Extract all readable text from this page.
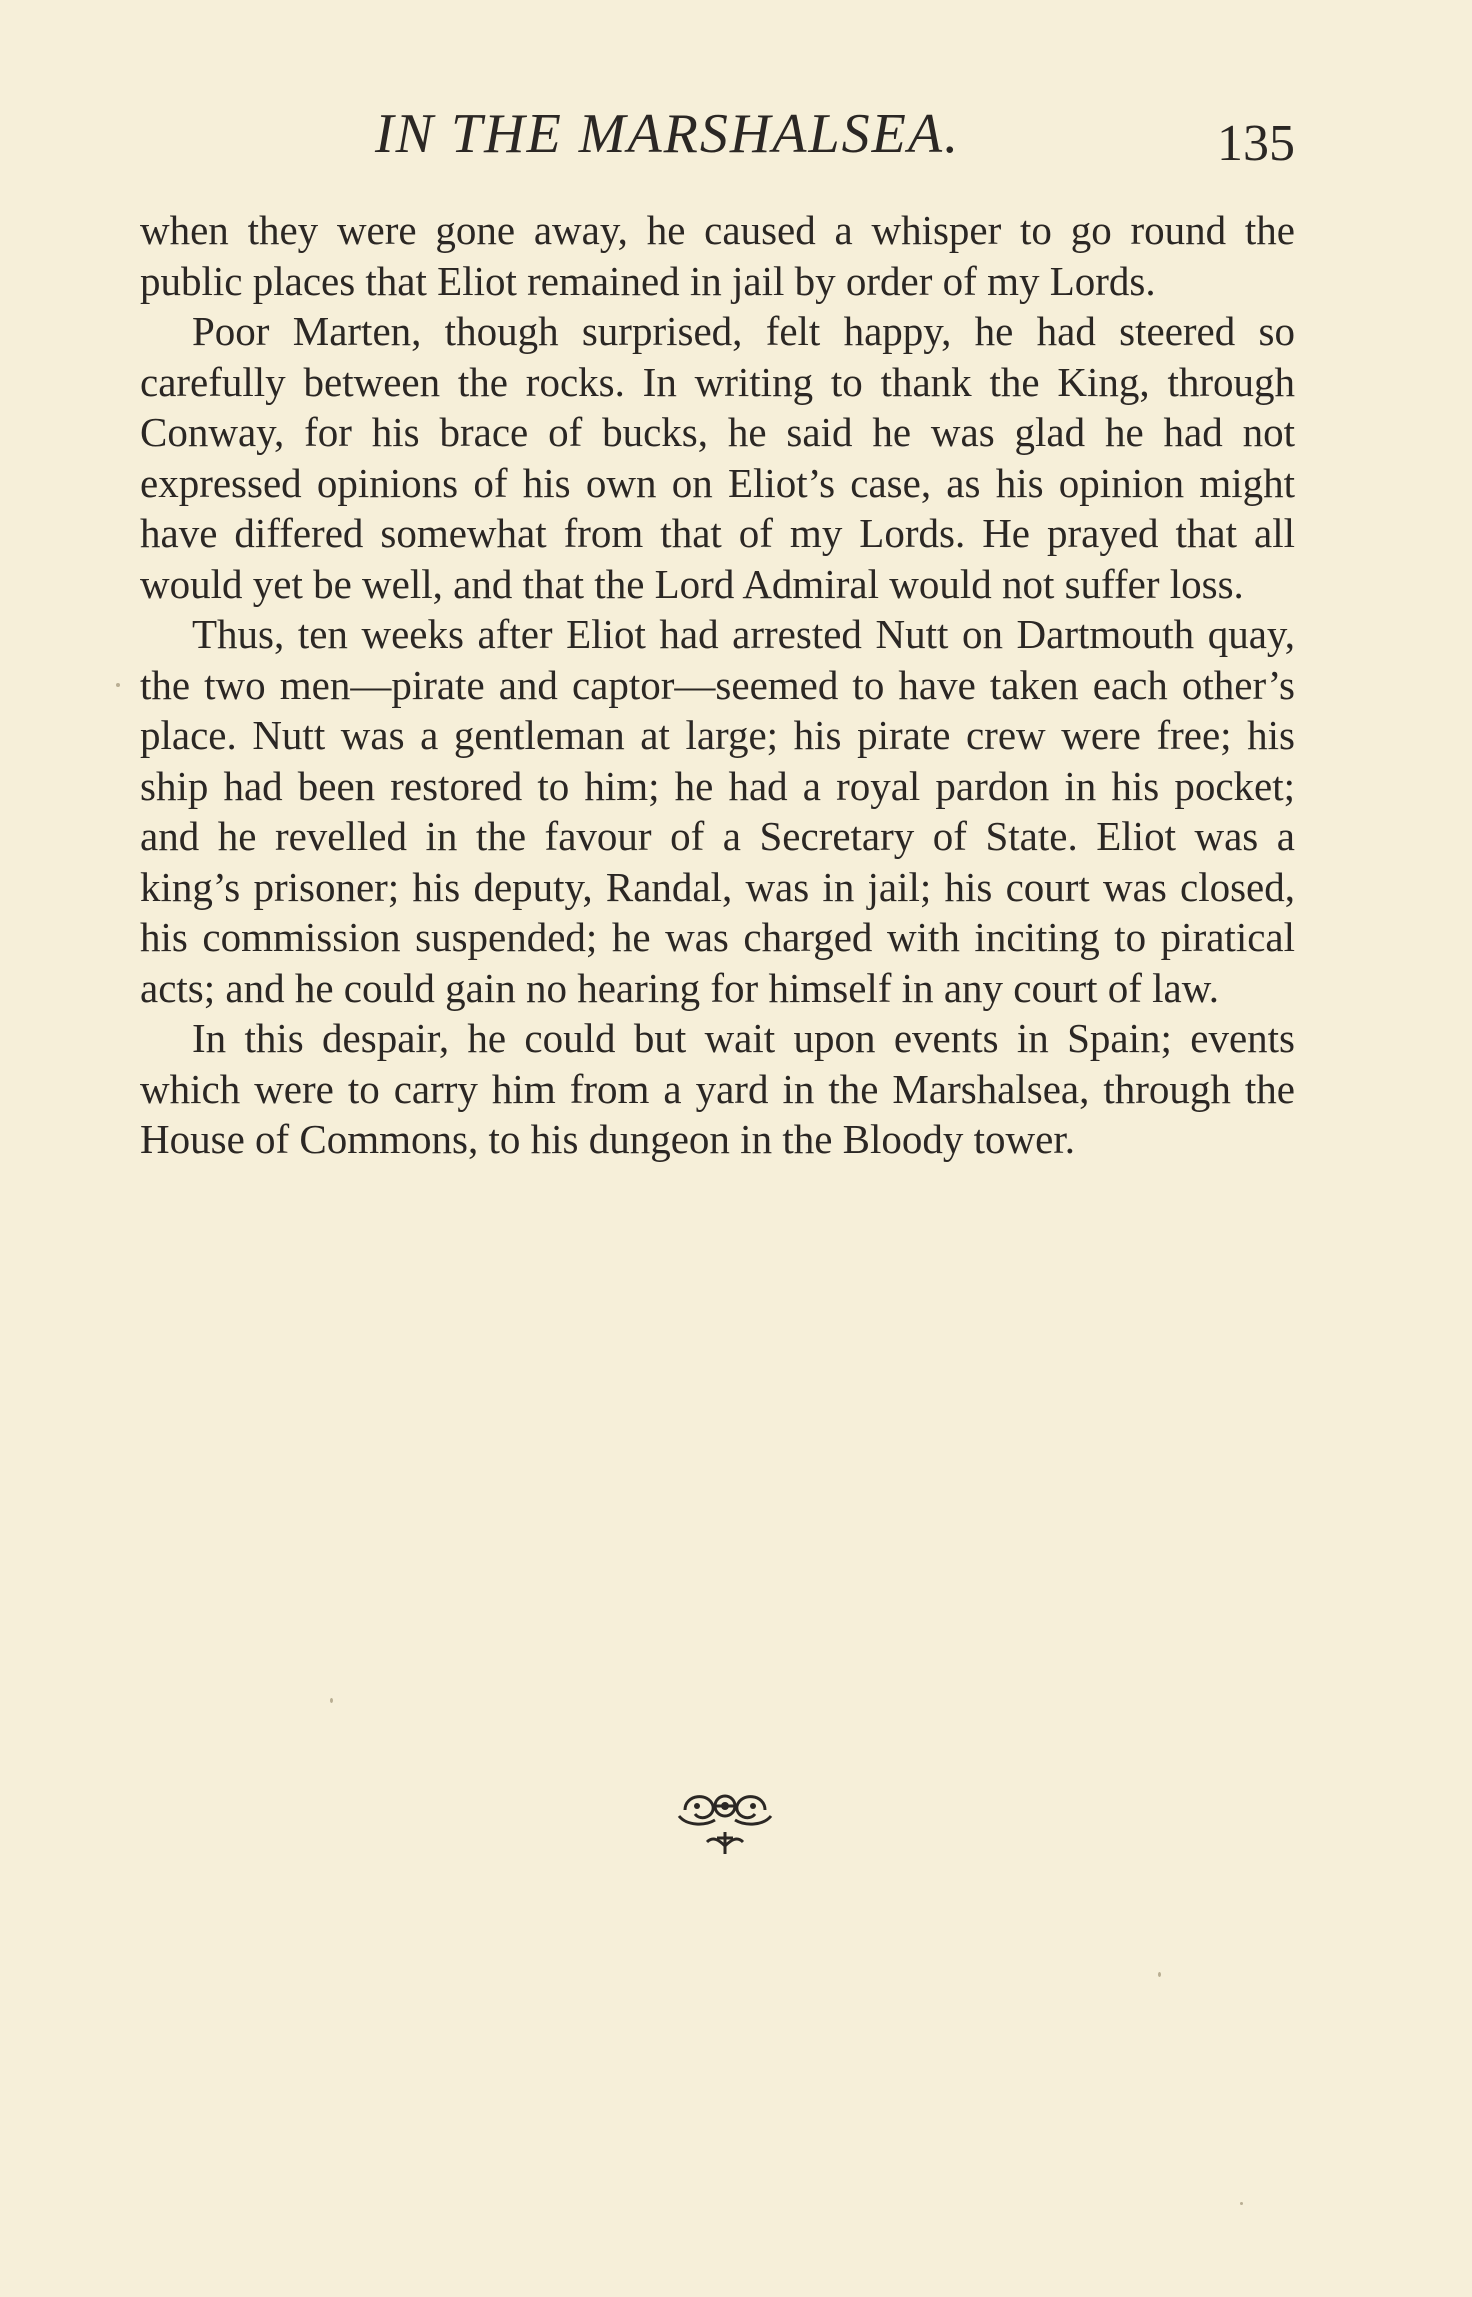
IN THE MARSHALSEA.	135

when they were gone away, he caused a whisper to go round the public places that Eliot remained in jail by order of my Lords.

Poor Marten, though surprised, felt happy, he had steered so carefully between the rocks. In writing to thank the King, through Conway, for his brace of bucks, he said he was glad he had not expressed opinions of his own on Eliot’s case, as his opinion might have differed somewhat from that of my Lords. He prayed that all would yet be well, and that the Lord Admiral would not suffer loss.

Thus, ten weeks after Eliot had arrested Nutt on Dartmouth quay, the two men—pirate and captor—seemed to have taken each other’s place. Nutt was a gentleman at large; his pirate crew were free; his ship had been restored to him; he had a royal pardon in his pocket; and he revelled in the favour of a Secretary of State. Eliot was a king’s prisoner; his deputy, Randal, was in jail; his court was closed, his commission suspended; he was charged with inciting to piratical acts; and he could gain no hearing for himself in any court of law.

In this despair, he could but wait upon events in Spain; events which were to carry him from a yard in the Marshalsea, through the House of Commons, to his dungeon in the Bloody tower.
